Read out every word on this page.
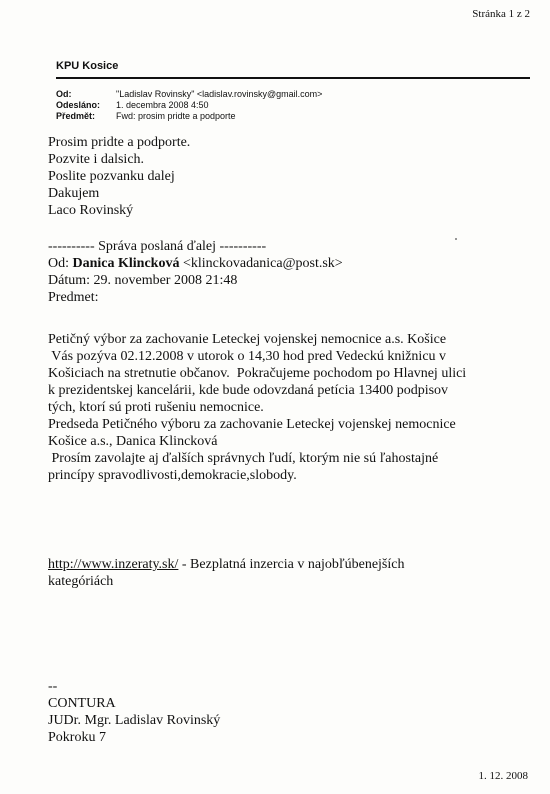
Stránka 1 z 2
KPU Kosice
Od:	"Ladislav Rovinsky" <ladislav.rovinsky@gmail.com>
Odesláno:	1. decembra 2008 4:50
Předmět:	Fwd: prosim pridte a podporte
Prosim pridte a podporte.
Pozvite i dalsich.
Poslite pozvanku dalej
Dakujem
Laco Rovinský
---------- Správa poslaná ďalej ----------
Od: Danica Klincková <klinckovadanica@post.sk>
Dátum: 29. november 2008 21:48
Predmet:
Petičný výbor za zachovanie Leteckej vojenskej nemocnice a.s. Košice
Vás pozýva 02.12.2008 v utorok o 14,30 hod pred Vedeckú knižnicu v
Košiciach na stretnutie občanov.  Pokračujeme pochodom po Hlavnej ulici
k prezidentskej kancelárii, kde bude odovzdaná petícia 13400 podpisov
tých, ktorí sú proti rušeniu nemocnice.
Predseda Petičného výboru za zachovanie Leteckej vojenskej nemocnice
Košice a.s., Danica Klincková
Prosím zavolajte aj ďalších správnych ľudí, ktorým nie sú ľahostajné
princípy spravodlivosti,demokracie,slobody.
http://www.inzeraty.sk/ - Bezplatná inzercia v najobľúbenejších
kategóriách
--
CONTURA
JUDr. Mgr. Ladislav Rovinský
Pokroku 7
1. 12. 2008
